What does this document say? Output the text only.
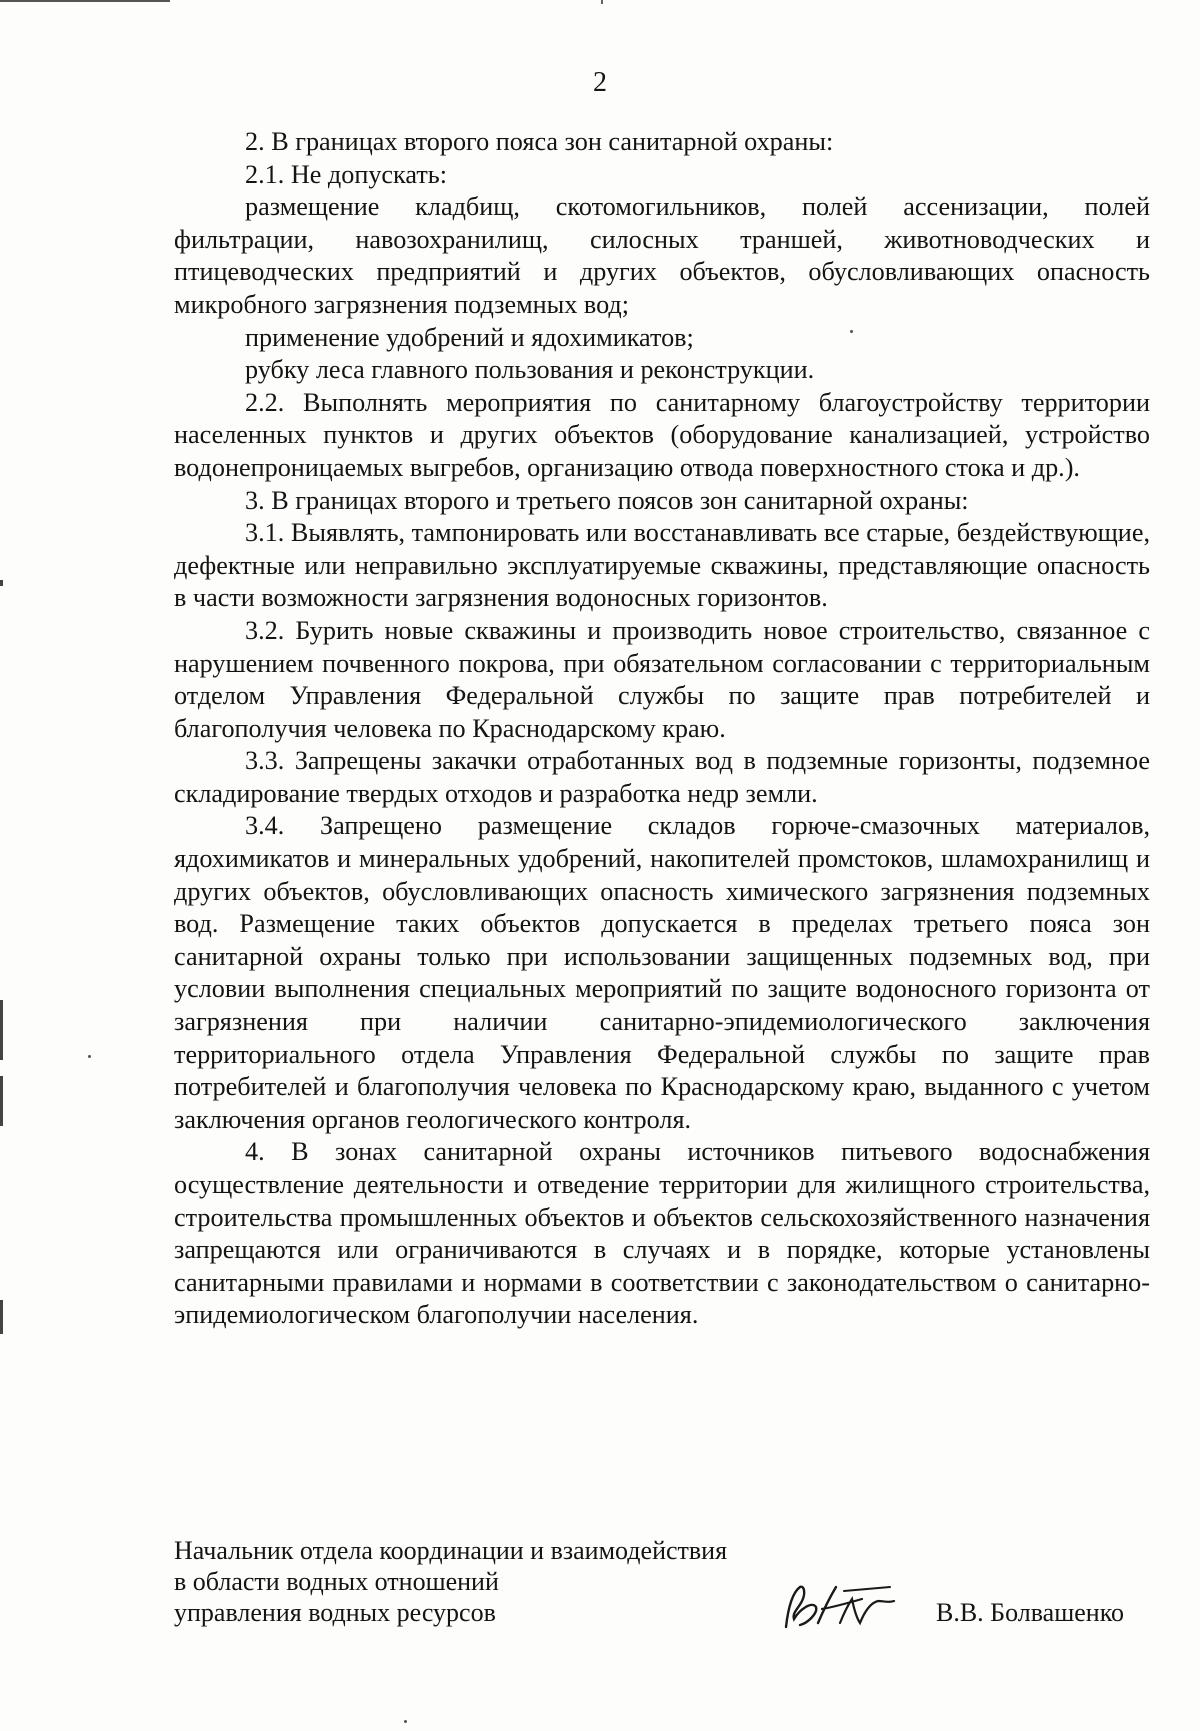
2

2. В границах второго пояса зон санитарной охраны:

2.1. Не допускать:

размещение кладбищ, скотомогильников, полей ассенизации, полей фильтрации, навозохранилищ, силосных траншей, животноводческих и птицеводческих предприятий и других объектов, обусловливающих опасность микробного загрязнения подземных вод;

применение удобрений и ядохимикатов;

рубку леса главного пользования и реконструкции.

2.2. Выполнять мероприятия по санитарному благоустройству территории населенных пунктов и других объектов (оборудование канализацией, устройство водонепроницаемых выгребов, организацию отвода поверхностного стока и др.).

3. В границах второго и третьего поясов зон санитарной охраны:

3.1. Выявлять, тампонировать или восстанавливать все старые, бездействующие, дефектные или неправильно эксплуатируемые скважины, представляющие опасность в части возможности загрязнения водоносных горизонтов.

3.2. Бурить новые скважины и производить новое строительство, связанное с нарушением почвенного покрова, при обязательном согласовании с территориальным отделом Управления Федеральной службы по защите прав потребителей и благополучия человека по Краснодарскому краю.

3.3. Запрещены закачки отработанных вод в подземные горизонты, подземное складирование твердых отходов и разработка недр земли.

3.4. Запрещено размещение складов горюче-смазочных материалов, ядохимикатов и минеральных удобрений, накопителей промстоков, шламохранилищ и других объектов, обусловливающих опасность химического загрязнения подземных вод. Размещение таких объектов допускается в пределах третьего пояса зон санитарной охраны только при использовании защищенных подземных вод, при условии выполнения специальных мероприятий по защите водоносного горизонта от загрязнения при наличии санитарно-эпидемиологического заключения территориального отдела Управления Федеральной службы по защите прав потребителей и благополучия человека по Краснодарскому краю, выданного с учетом заключения органов геологического контроля.

4. В зонах санитарной охраны источников питьевого водоснабжения осуществление деятельности и отведение территории для жилищного строительства, строительства промышленных объектов и объектов сельскохозяйственного назначения запрещаются или ограничиваются в случаях и в порядке, которые установлены санитарными правилами и нормами в соответствии с законодательством о санитарно-эпидемиологическом благополучии населения.

Начальник отдела координации и взаимодействия
в области водных отношений
управления водных ресурсов	В.В. Болвашенко
